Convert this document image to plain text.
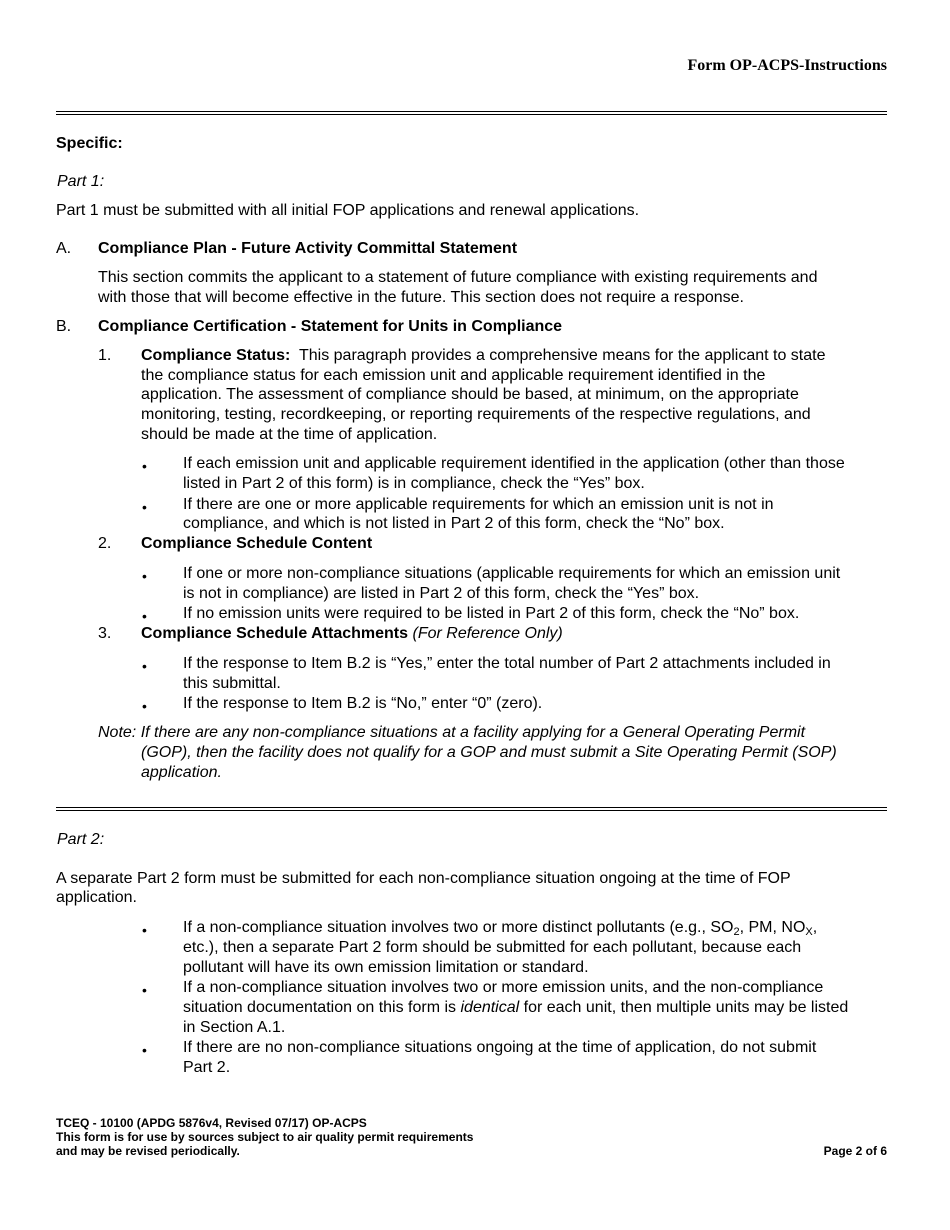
Form OP-ACPS-Instructions
Specific:
Part 1:
Part 1 must be submitted with all initial FOP applications and renewal applications.
A. Compliance Plan - Future Activity Committal Statement
This section commits the applicant to a statement of future compliance with existing requirements and
with those that will become effective in the future. This section does not require a response.
B. Compliance Certification - Statement for Units in Compliance
1. Compliance Status: This paragraph provides a comprehensive means for the applicant to state
the compliance status for each emission unit and applicable requirement identified in the
application. The assessment of compliance should be based, at minimum, on the appropriate
monitoring, testing, recordkeeping, or reporting requirements of the respective regulations, and
should be made at the time of application.
• If each emission unit and applicable requirement identified in the application (other than those
listed in Part 2 of this form) is in compliance, check the “Yes” box.
• If there are one or more applicable requirements for which an emission unit is not in
compliance, and which is not listed in Part 2 of this form, check the “No” box.
2. Compliance Schedule Content
• If one or more non-compliance situations (applicable requirements for which an emission unit
is not in compliance) are listed in Part 2 of this form, check the “Yes” box.
• If no emission units were required to be listed in Part 2 of this form, check the “No” box.
3. Compliance Schedule Attachments (For Reference Only)
• If the response to Item B.2 is “Yes,” enter the total number of Part 2 attachments included in
this submittal.
• If the response to Item B.2 is “No,” enter “0” (zero).
Note: If there are any non-compliance situations at a facility applying for a General Operating Permit
(GOP), then the facility does not qualify for a GOP and must submit a Site Operating Permit (SOP)
application.
Part 2:
A separate Part 2 form must be submitted for each non-compliance situation ongoing at the time of FOP
application.
• If a non-compliance situation involves two or more distinct pollutants (e.g., $SO_2$, PM, $NO_X$,
etc.), then a separate Part 2 form should be submitted for each pollutant, because each
pollutant will have its own emission limitation or standard.
• If a non-compliance situation involves two or more emission units, and the non-compliance
situation documentation on this form is identical for each unit, then multiple units may be listed
in Section A.1.
• If there are no non-compliance situations ongoing at the time of application, do not submit
Part 2.
TCEQ - 10100 (APDG 5876v4, Revised 07/17) OP-ACPS
This form is for use by sources subject to air quality permit requirements
and may be revised periodically.	Page 2 of 6
